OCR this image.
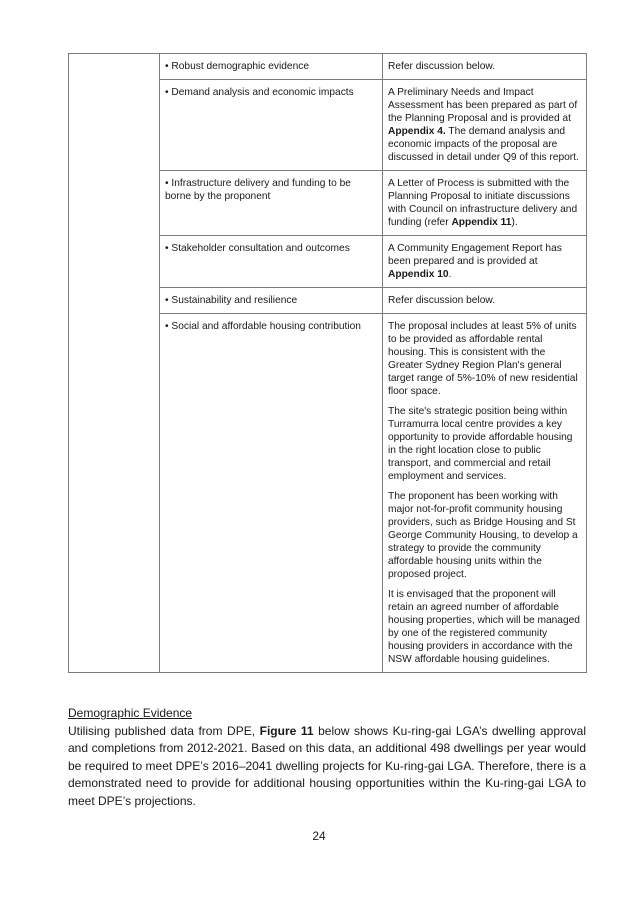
	• Robust demographic evidence	Refer discussion below.

	• Demand analysis and economic impacts	A Preliminary Needs and Impact Assessment has been prepared as part of the Planning Proposal and is provided at Appendix 4. The demand analysis and economic impacts of the proposal are discussed in detail under Q9 of this report.

	• Infrastructure delivery and funding to be borne by the proponent	A Letter of Process is submitted with the Planning Proposal to initiate discussions with Council on infrastructure delivery and funding (refer Appendix 11).

	• Stakeholder consultation and outcomes	A Community Engagement Report has been prepared and is provided at Appendix 10.

	• Sustainability and resilience	Refer discussion below.

	• Social and affordable housing contribution	The proposal includes at least 5% of units to be provided as affordable rental housing. This is consistent with the Greater Sydney Region Plan's general target range of 5%-10% of new residential floor space.
The site's strategic position being within Turramurra local centre provides a key opportunity to provide affordable housing in the right location close to public transport, and commercial and retail employment and services.
The proponent has been working with major not-for-profit community housing providers, such as Bridge Housing and St George Community Housing, to develop a strategy to provide the community affordable housing units within the proposed project.
It is envisaged that the proponent will retain an agreed number of affordable housing properties, which will be managed by one of the registered community housing providers in accordance with the NSW affordable housing guidelines.

Demographic Evidence

Utilising published data from DPE, Figure 11 below shows Ku-ring-gai LGA’s dwelling approval and completions from 2012-2021. Based on this data, an additional 498 dwellings per year would be required to meet DPE’s 2016–2041 dwelling projects for Ku-ring-gai LGA. Therefore, there is a demonstrated need to provide for additional housing opportunities within the Ku-ring-gai LGA to meet DPE’s projections.

24
